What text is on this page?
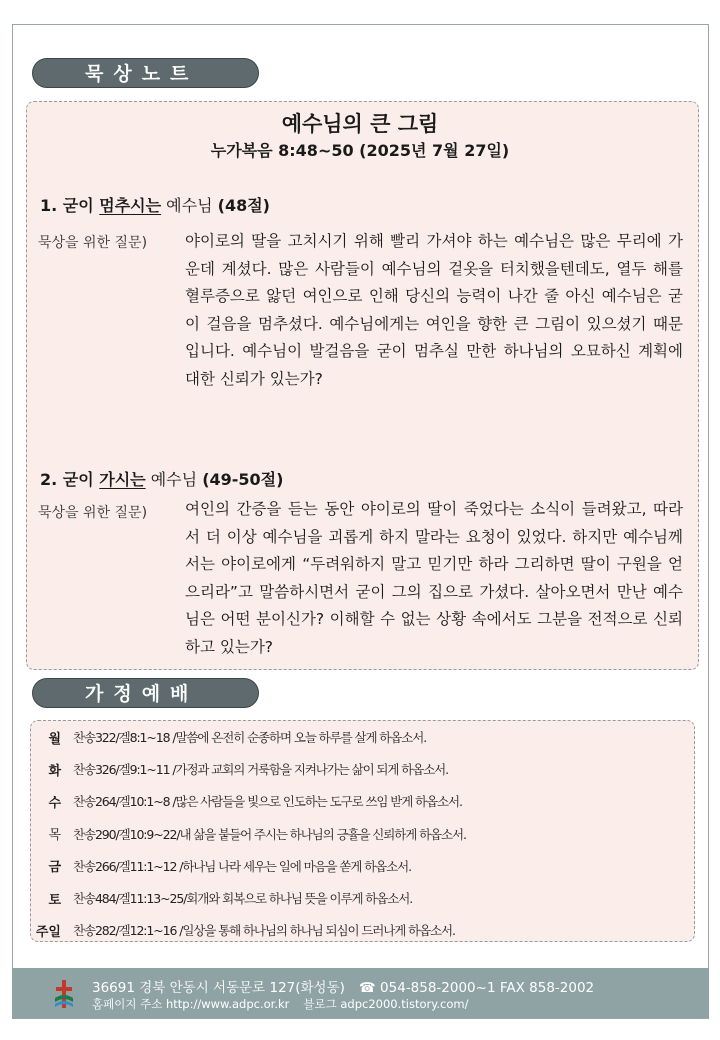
묵상노트
예수님의 큰 그림
누가복음 8:48~50 (2025년 7월 27일)
1. 굳이 멈추시는 예수님 (48절)
묵상을 위한 질문) 야이로의 딸을 고치시기 위해 빨리 가셔야 하는 예수님은 많은 무리에 가운데 계셨다. 많은 사람들이 예수님의 겉옷을 터치했을텐데도, 열두 해를 혈루증으로 앓던 여인으로 인해 당신의 능력이 나간 줄 아신 예수님은 굳이 걸음을 멈추셨다. 예수님에게는 여인을 향한 큰 그림이 있으셨기 때문입니다. 예수님이 발걸음을 굳이 멈추실 만한 하나님의 오묘하신 계획에 대한 신뢰가 있는가?
2. 굳이 가시는 예수님 (49-50절)
묵상을 위한 질문) 여인의 간증을 듣는 동안 야이로의 딸이 죽었다는 소식이 들려왔고, 따라서 더 이상 예수님을 괴롭게 하지 말라는 요청이 있었다. 하지만 예수님께서는 야이로에게 “두려워하지 말고 믿기만 하라 그리하면 딸이 구원을 얻으리라”고 말씀하시면서 굳이 그의 집으로 가셨다. 살아오면서 만난 예수님은 어떤 분이신가? 이해할 수 없는 상황 속에서도 그분을 전적으로 신뢰하고 있는가?
가정예배
월 찬송322/겔8:1~18 /말씀에 온전히 순종하며 오늘 하루를 살게 하옵소서.
화 찬송326/겔9:1~11 /가정과 교회의 거룩함을 지켜나가는 삶이 되게 하옵소서.
수 찬송264/겔10:1~8 /많은 사람들을 빛으로 인도하는 도구로 쓰임 받게 하옵소서.
목 찬송290/겔10:9~22/내 삶을 붙들어 주시는 하나님의 긍휼을 신뢰하게 하옵소서.
금 찬송266/겔11:1~12 /하나님 나라 세우는 일에 마음을 쏟게 하옵소서.
토 찬송484/겔11:13~25/회개와 회복으로 하나님 뜻을 이루게 하옵소서.
주일 찬송282/겔12:1~16 /일상을 통해 하나님의 하나님 되심이 드러나게 하옵소서.
36691 경북 안동시 서동문로 127(화성동) ☎ 054-858-2000~1 FAX 858-2002
홈페이지 주소 http://www.adpc.or.kr 블로그 adpc2000.tistory.com/
